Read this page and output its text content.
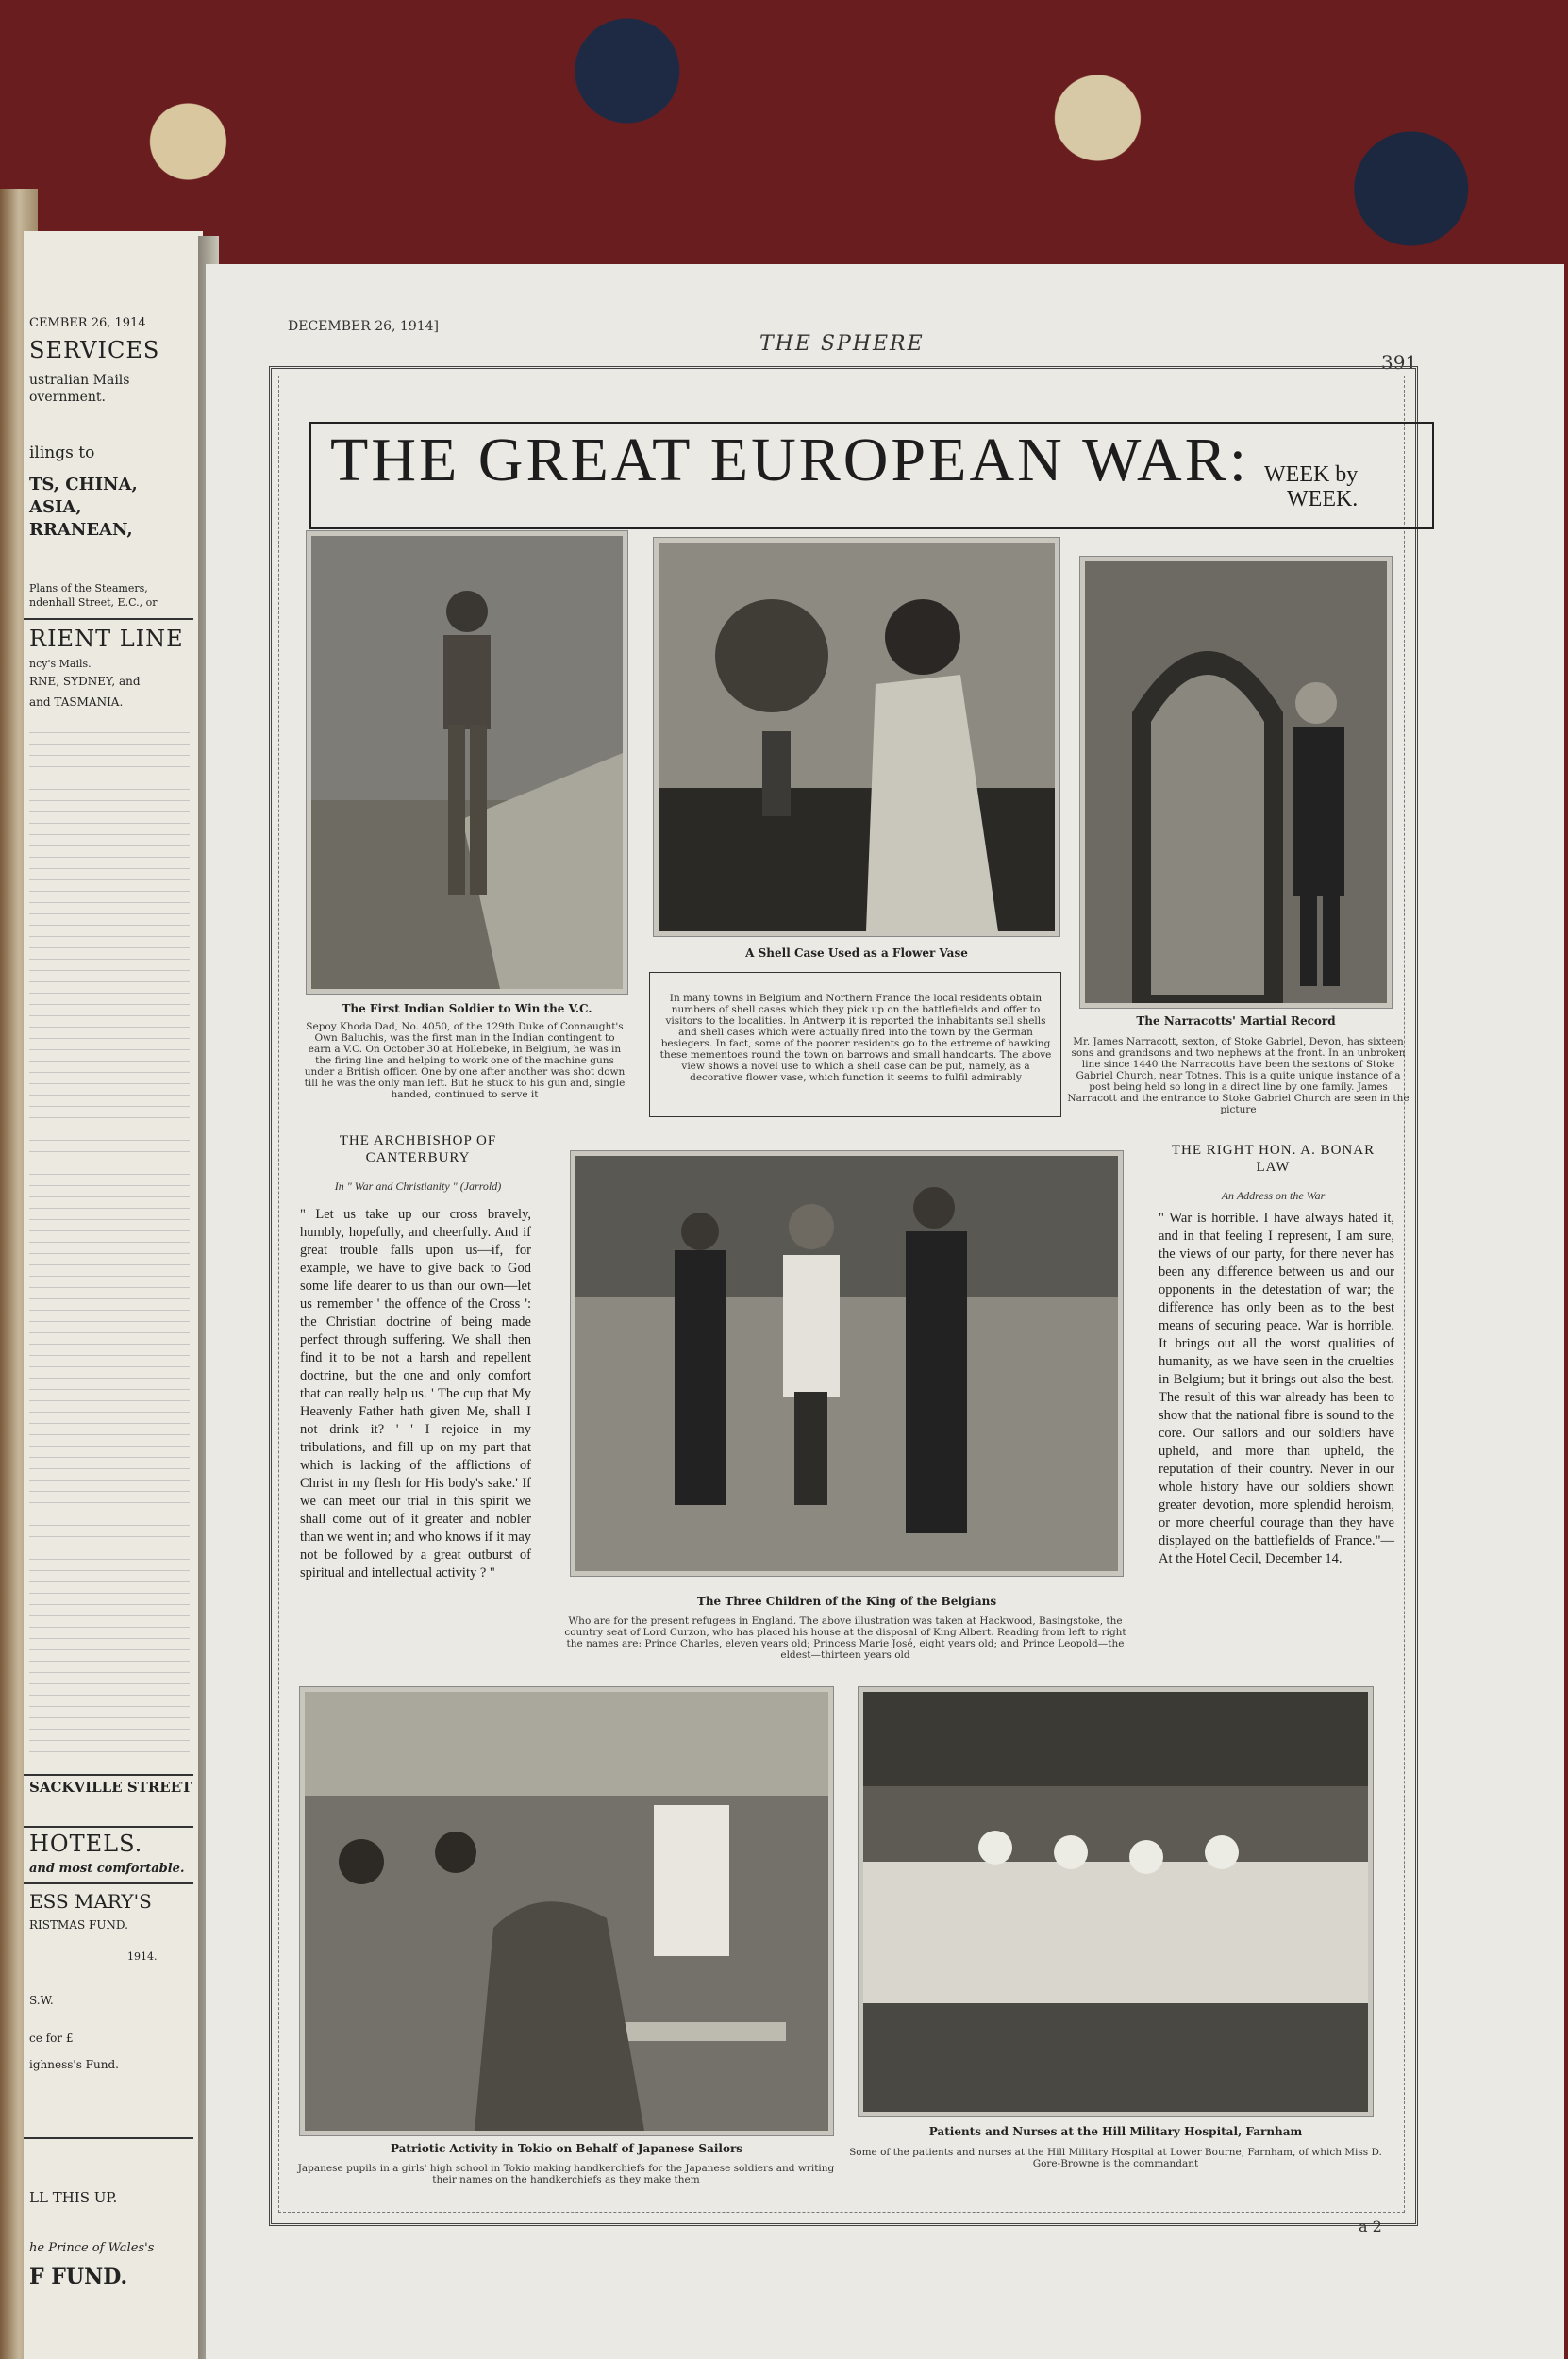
CEMBER 26, 1914
SERVICES
ustralian Mails
overnment.
ilings to
TS, CHINA,
ASIA,
RRANEAN,
Plans of the Steamers,
ndenhall Street, E.C., or
RIENT LINE
ncy's Mails.
RNE, SYDNEY, and
and TASMANIA.
SACKVILLE STREET
HOTELS.
and most comfortable.
ESS MARY'S
RISTMAS FUND.
1914.
S.W.
ce for £
ighness's Fund.
LL THIS UP.
he Prince of Wales's
F FUND.
DECEMBER 26, 1914]
THE SPHERE
391
THE GREAT EUROPEAN WAR: WEEK by
WEEK.
The First Indian Soldier to Win the V.C.
Sepoy Khoda Dad, No. 4050, of the 129th Duke of Connaught's Own Baluchis, was the first man in the Indian contingent to earn a V.C. On October 30 at Hollebeke, in Belgium, he was in the firing line and helping to work one of the machine guns under a British officer. One by one after another was shot down till he was the only man left. But he stuck to his gun and, single handed, continued to serve it
A Shell Case Used as a Flower Vase
In many towns in Belgium and Northern France the local residents obtain numbers of shell cases which they pick up on the battlefields and offer to visitors to the localities. In Antwerp it is reported the inhabitants sell shells and shell cases which were actually fired into the town by the German besiegers. In fact, some of the poorer residents go to the extreme of hawking these mementoes round the town on barrows and small handcarts. The above view shows a novel use to which a shell case can be put, namely, as a decorative flower vase, which function it seems to fulfil admirably
The Narracotts' Martial Record
Mr. James Narracott, sexton, of Stoke Gabriel, Devon, has sixteen sons and grandsons and two nephews at the front. In an unbroken line since 1440 the Narracotts have been the sextons of Stoke Gabriel Church, near Totnes. This is a quite unique instance of a post being held so long in a direct line by one family. James Narracott and the entrance to Stoke Gabriel Church are seen in the picture
THE ARCHBISHOP OF CANTERBURY
In " War and Christianity " (Jarrold)
" Let us take up our cross bravely, humbly, hopefully, and cheerfully. And if great trouble falls upon us—if, for example, we have to give back to God some life dearer to us than our own—let us remember ' the offence of the Cross ': the Christian doctrine of being made perfect through suffering. We shall then find it to be not a harsh and repellent doctrine, but the one and only comfort that can really help us. ' The cup that My Heavenly Father hath given Me, shall I not drink it? ' ' I rejoice in my tribulations, and fill up on my part that which is lacking of the afflictions of Christ in my flesh for His body's sake.' If we can meet our trial in this spirit we shall come out of it greater and nobler than we went in; and who knows if it may not be followed by a great outburst of spiritual and intellectual activity ? "
The Three Children of the King of the Belgians
Who are for the present refugees in England. The above illustration was taken at Hackwood, Basingstoke, the country seat of Lord Curzon, who has placed his house at the disposal of King Albert. Reading from left to right the names are: Prince Charles, eleven years old; Princess Marie José, eight years old; and Prince Leopold—the eldest—thirteen years old
THE RIGHT HON. A. BONAR LAW
An Address on the War
" War is horrible. I have always hated it, and in that feeling I represent, I am sure, the views of our party, for there never has been any difference between us and our opponents in the detestation of war; the difference has only been as to the best means of securing peace. War is horrible. It brings out all the worst qualities of humanity, as we have seen in the cruelties in Belgium; but it brings out also the best. The result of this war already has been to show that the national fibre is sound to the core. Our sailors and our soldiers have upheld, and more than upheld, the reputation of their country. Never in our whole history have our soldiers shown greater devotion, more splendid heroism, or more cheerful courage than they have displayed on the battlefields of France."—At the Hotel Cecil, December 14.
Patriotic Activity in Tokio on Behalf of Japanese Sailors
Japanese pupils in a girls' high school in Tokio making handkerchiefs for the Japanese soldiers and writing their names on the handkerchiefs as they make them
Patients and Nurses at the Hill Military Hospital, Farnham
Some of the patients and nurses at the Hill Military Hospital at Lower Bourne, Farnham, of which Miss D. Gore-Browne is the commandant
a 2
